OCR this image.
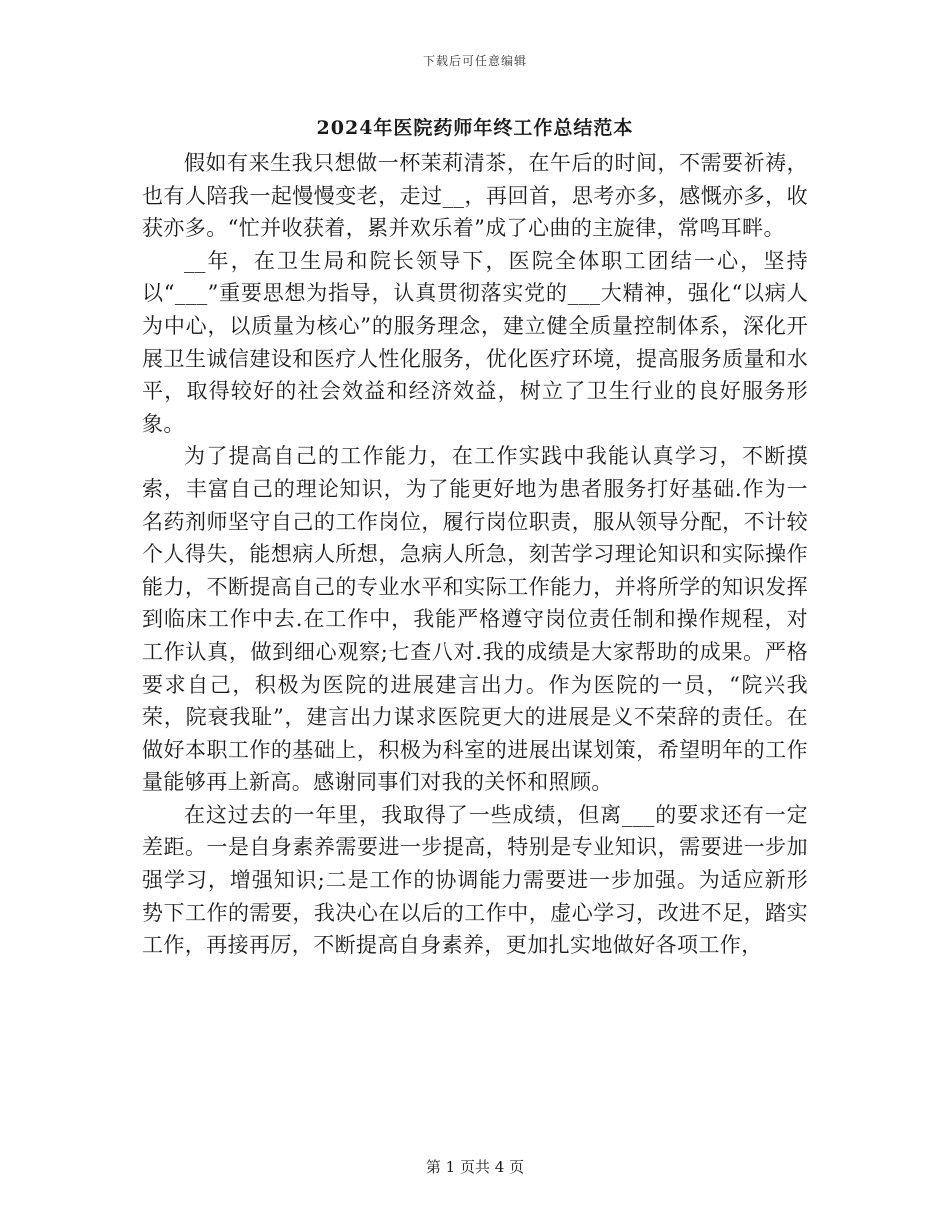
下载后可任意编辑
2024年医院药师年终工作总结范本

假如有来生我只想做一杯茉莉清茶，在午后的时间，不需要祈祷，也有人陪我一起慢慢变老，走过__，再回首，思考亦多，感慨亦多，收获亦多。“忙并收获着，累并欢乐着”成了心曲的主旋律，常鸣耳畔。

__年，在卫生局和院长领导下，医院全体职工团结一心，坚持以“___”重要思想为指导，认真贯彻落实党的___大精神，强化“以病人为中心，以质量为核心”的服务理念，建立健全质量控制体系，深化开展卫生诚信建设和医疗人性化服务，优化医疗环境，提高服务质量和水平，取得较好的社会效益和经济效益，树立了卫生行业的良好服务形象。

为了提高自己的工作能力，在工作实践中我能认真学习，不断摸索，丰富自己的理论知识，为了能更好地为患者服务打好基础.作为一名药剂师坚守自己的工作岗位，履行岗位职责，服从领导分配，不计较个人得失，能想病人所想，急病人所急，刻苦学习理论知识和实际操作能力，不断提高自己的专业水平和实际工作能力，并将所学的知识发挥到临床工作中去.在工作中，我能严格遵守岗位责任制和操作规程，对工作认真，做到细心观察;七查八对.我的成绩是大家帮助的成果。严格要求自己，积极为医院的进展建言出力。作为医院的一员，“院兴我荣，院衰我耻”，建言出力谋求医院更大的进展是义不荣辞的责任。在做好本职工作的基础上，积极为科室的进展出谋划策，希望明年的工作量能够再上新高。感谢同事们对我的关怀和照顾。

在这过去的一年里，我取得了一些成绩，但离___的要求还有一定差距。一是自身素养需要进一步提高，特别是专业知识，需要进一步加强学习，增强知识;二是工作的协调能力需要进一步加强。为适应新形势下工作的需要，我决心在以后的工作中，虚心学习，改进不足，踏实工作，再接再厉，不断提高自身素养，更加扎实地做好各项工作，

第 1 页共 4 页
